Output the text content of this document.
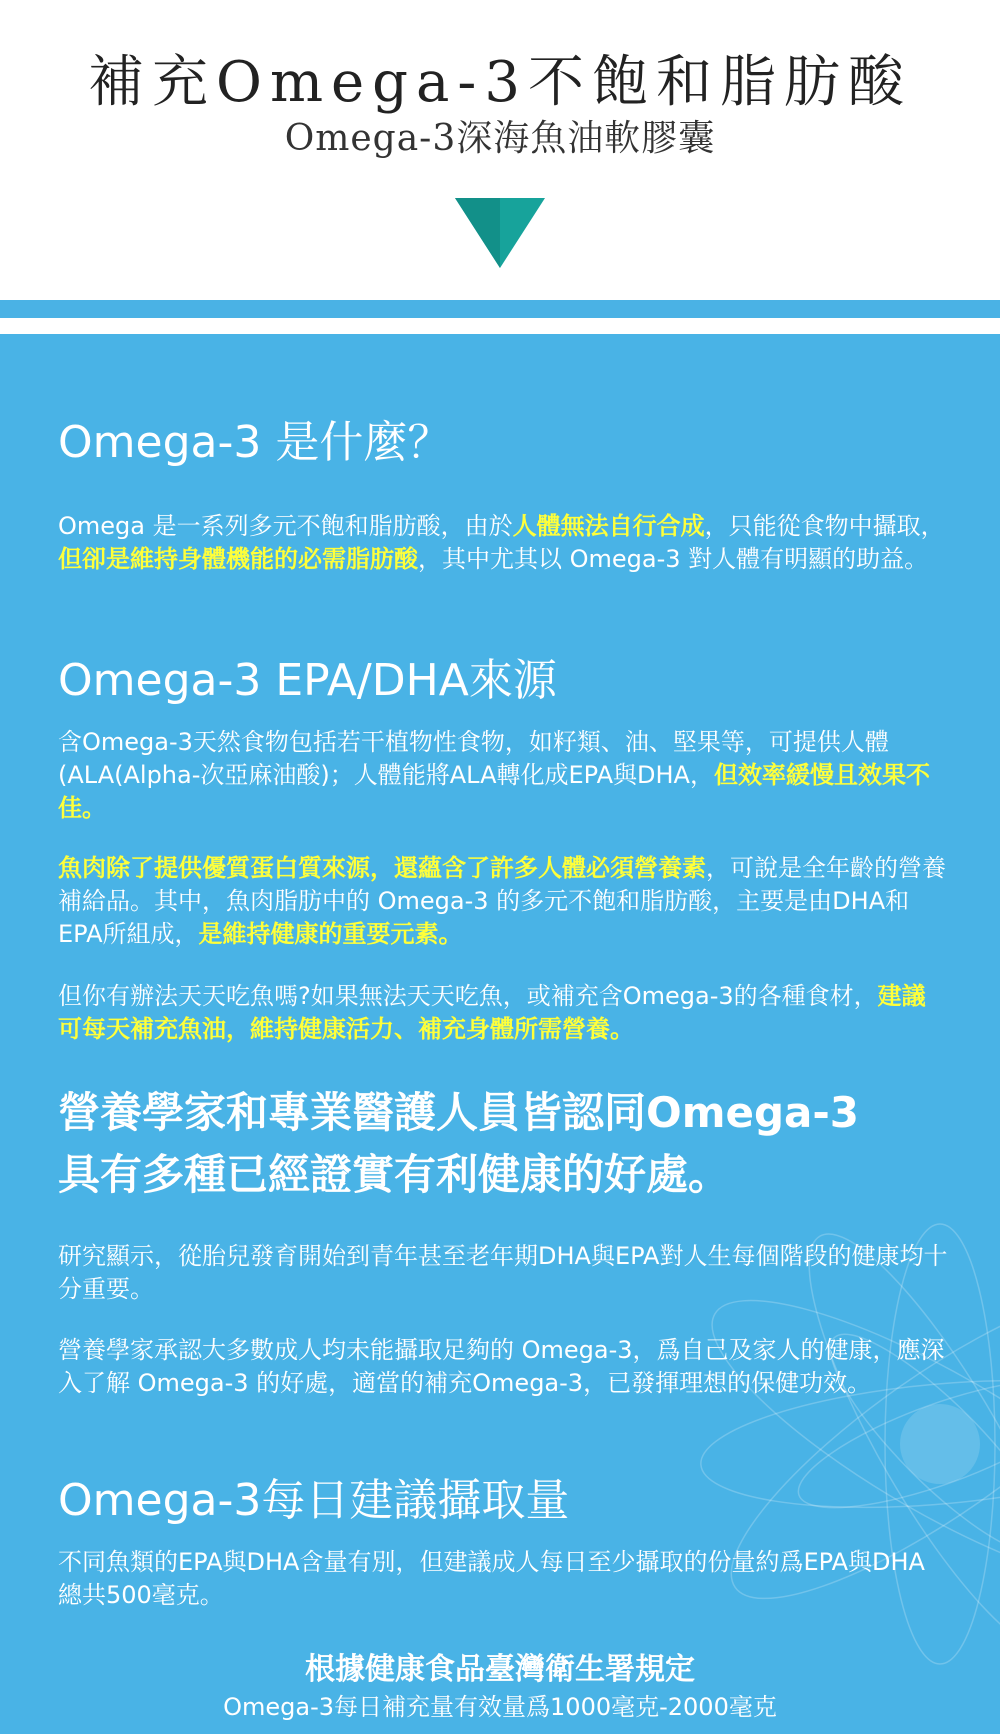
補充Omega-3不飽和脂肪酸
Omega-3深海魚油軟膠囊
Omega-3 是什麼？
Omega 是一系列多元不飽和脂肪酸，由於人體無法自行合成，只能從食物中攝取，但卻是維持身體機能的必需脂肪酸，其中尤其以 Omega-3 對人體有明顯的助益。
Omega-3 EPA/DHA來源
含Omega-3天然食物包括若干植物性食物，如籽類、油、堅果等，可提供人體 (ALA(Alpha-次亞麻油酸)；人體能將ALA轉化成EPA與DHA，但效率緩慢且效果不佳。
魚肉除了提供優質蛋白質來源，還蘊含了許多人體必須營養素，可說是全年齡的營養補給品。其中，魚肉脂肪中的 Omega-3 的多元不飽和脂肪酸，主要是由DHA和EPA所組成，是維持健康的重要元素。
但你有辦法天天吃魚嗎?如果無法天天吃魚，或補充含Omega-3的各種食材，建議可每天補充魚油，維持健康活力、補充身體所需營養。
營養學家和專業醫護人員皆認同Omega-3
具有多種已經證實有利健康的好處。
研究顯示，從胎兒發育開始到青年甚至老年期DHA與EPA對人生每個階段的健康均十分重要。
營養學家承認大多數成人均未能攝取足夠的 Omega-3，爲自己及家人的健康，應深入了解 Omega-3 的好處，適當的補充Omega-3，已發揮理想的保健功效。
Omega-3每日建議攝取量
不同魚類的EPA與DHA含量有別，但建議成人每日至少攝取的份量約爲EPA與DHA總共500毫克。
根據健康食品臺灣衛生署規定
Omega-3每日補充量有效量爲1000毫克-2000毫克
